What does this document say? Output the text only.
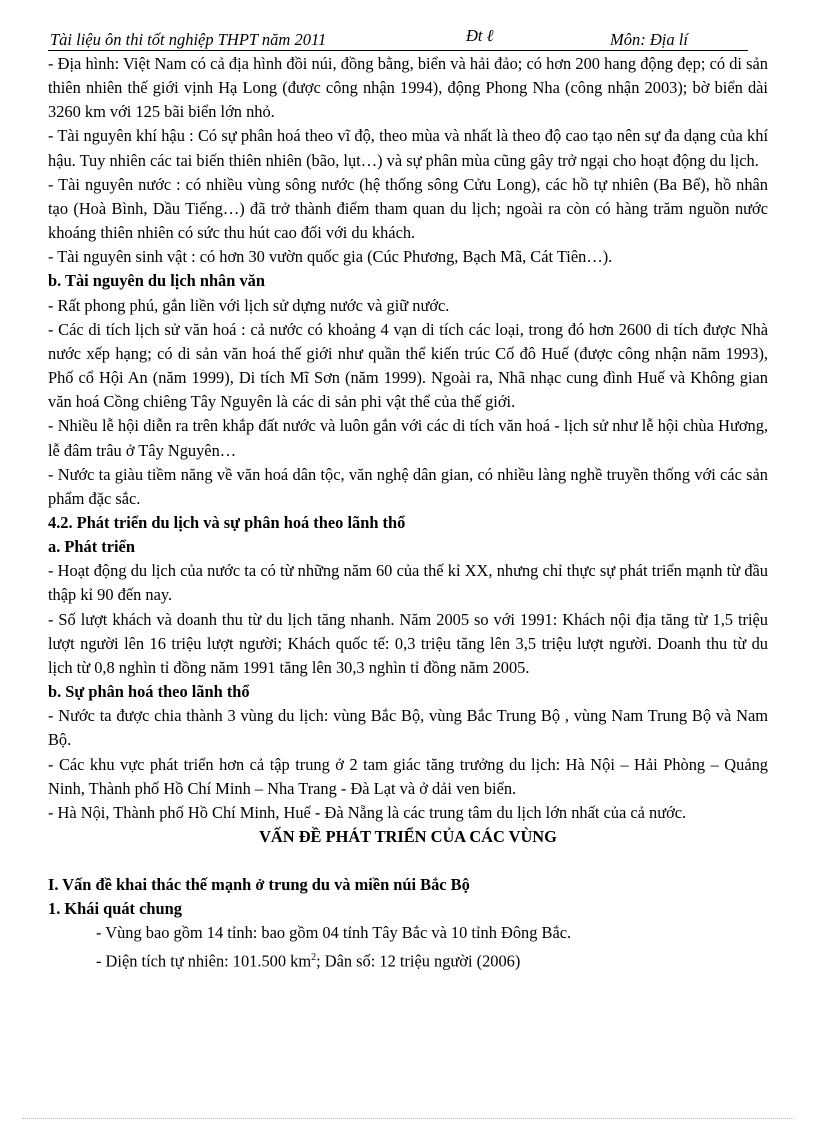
Tài liệu ôn thi tốt nghiệp THPT năm 2011	Đt ℓ	Môn: Địa lí

- Địa hình: Việt Nam có cả địa hình đồi núi, đồng bằng, biển và hải đảo; có hơn 200 hang động đẹp; có di sản thiên nhiên thế giới vịnh Hạ Long (được công nhận 1994), động Phong Nha (công nhận 2003); bờ biển dài 3260 km với 125 bãi biển lớn nhỏ.

- Tài nguyên khí hậu : Có sự phân hoá theo vĩ độ, theo mùa và nhất là theo độ cao tạo nên sự đa dạng của khí hậu. Tuy nhiên các tai biến thiên nhiên (bão, lụt…) và sự phân mùa cũng gây trở ngại cho hoạt động du lịch.

- Tài nguyên nước : có nhiều vùng sông nước (hệ thống sông Cửu Long), các hồ tự nhiên (Ba Bể), hồ nhân tạo (Hoà Bình, Dầu Tiếng…) đã trở thành điểm tham quan du lịch; ngoài ra còn có hàng trăm nguồn nước khoáng thiên nhiên có sức thu hút cao đối với du khách.

- Tài nguyên sinh vật : có hơn 30 vườn quốc gia (Cúc Phương, Bạch Mã, Cát Tiên…).

b. Tài nguyên du lịch nhân văn

- Rất phong phú, gắn liền với lịch sử dựng nước và giữ nước.

- Các di tích lịch sử văn hoá : cả nước có khoảng 4 vạn di tích các loại, trong đó hơn 2600 di tích được Nhà nước xếp hạng; có di sản văn hoá thế giới như quần thể kiến trúc Cố đô Huế (được công nhận năm 1993), Phố cổ Hội An (năm 1999), Di tích Mĩ Sơn (năm 1999). Ngoài ra, Nhã nhạc cung đình Huế và Không gian văn hoá Cồng chiêng Tây Nguyên là các di sản phi vật thể của thế giới.

- Nhiều lễ hội diễn ra trên khắp đất nước và luôn gắn với các di tích văn hoá - lịch sử như lễ hội chùa Hương, lễ đâm trâu ở Tây Nguyên…

- Nước ta giàu tiềm năng về văn hoá dân tộc, văn nghệ dân gian, có nhiều làng nghề truyền thống với các sản phẩm đặc sắc.

4.2. Phát triển du lịch và sự phân hoá theo lãnh thổ

a. Phát triển

- Hoạt động du lịch của nước ta có từ những năm 60 của thế kỉ XX, nhưng chỉ thực sự phát triển mạnh từ đầu thập kỉ 90 đến nay.

- Số lượt khách và doanh thu từ du lịch tăng nhanh. Năm 2005 so với 1991: Khách nội địa tăng từ 1,5 triệu lượt người lên 16 triệu lượt người; Khách quốc tế: 0,3 triệu tăng lên 3,5 triệu lượt người. Doanh thu từ du lịch từ 0,8 nghìn tỉ đồng năm 1991 tăng lên 30,3 nghìn tỉ đồng năm 2005.

b. Sự phân hoá theo lãnh thổ

- Nước ta được chia thành 3 vùng du lịch: vùng Bắc Bộ, vùng Bắc Trung Bộ , vùng Nam Trung Bộ và Nam Bộ.

- Các khu vực phát triển hơn cả tập trung ở 2 tam giác tăng trưởng du lịch: Hà Nội – Hải Phòng – Quảng Ninh, Thành phố Hồ Chí Minh – Nha Trang - Đà Lạt và ở dải ven biển.

- Hà Nội, Thành phố Hồ Chí Minh, Huế - Đà Nẵng là các trung tâm du lịch lớn nhất của cả nước.

VẤN ĐỀ PHÁT TRIỂN CỦA CÁC VÙNG

I. Vấn đề khai thác thế mạnh ở trung du và miền núi Bắc Bộ

1. Khái quát chung

- Vùng bao gồm 14 tỉnh: bao gồm 04 tỉnh Tây Bắc và 10 tỉnh Đông Bắc.

- Diện tích tự nhiên: 101.500 $km^2$; Dân số: 12 triệu người (2006)
